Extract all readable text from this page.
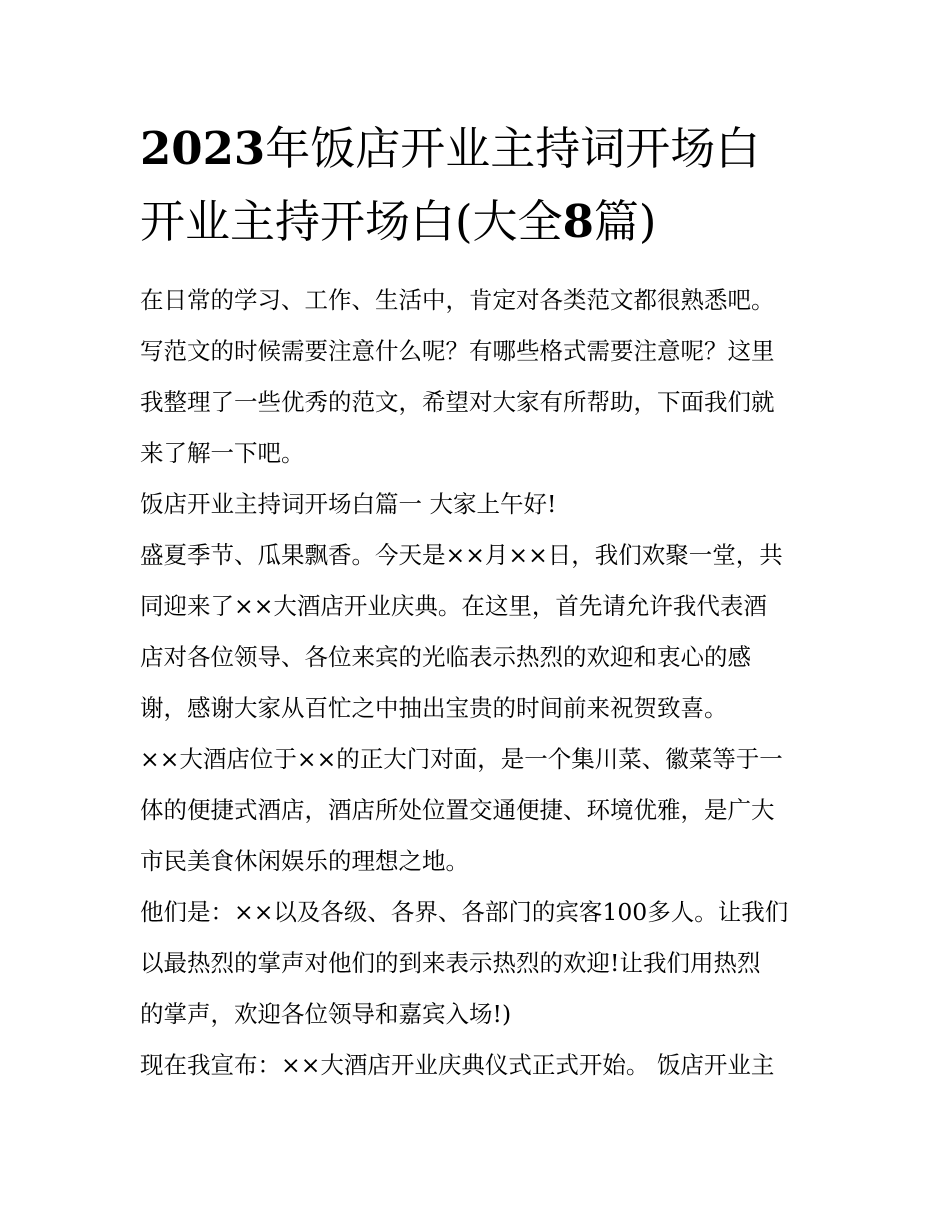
2023年饭店开业主持词开场白
开业主持开场白(大全8篇)

在日常的学习、工作、生活中，肯定对各类范文都很熟悉吧。
写范文的时候需要注意什么呢？有哪些格式需要注意呢？这里
我整理了一些优秀的范文，希望对大家有所帮助，下面我们就
来了解一下吧。

饭店开业主持词开场白篇一 大家上午好!

盛夏季节、瓜果飘香。今天是××月××日，我们欢聚一堂，共
同迎来了××大酒店开业庆典。在这里，首先请允许我代表酒
店对各位领导、各位来宾的光临表示热烈的欢迎和衷心的感
谢，感谢大家从百忙之中抽出宝贵的时间前来祝贺致喜。

××大酒店位于××的正大门对面，是一个集川菜、徽菜等于一
体的便捷式酒店，酒店所处位置交通便捷、环境优雅，是广大
市民美食休闲娱乐的理想之地。

他们是：××以及各级、各界、各部门的宾客100多人。让我们
以最热烈的掌声对他们的到来表示热烈的欢迎!让我们用热烈
的掌声，欢迎各位领导和嘉宾入场!)

现在我宣布：××大酒店开业庆典仪式正式开始。 饭店开业主
